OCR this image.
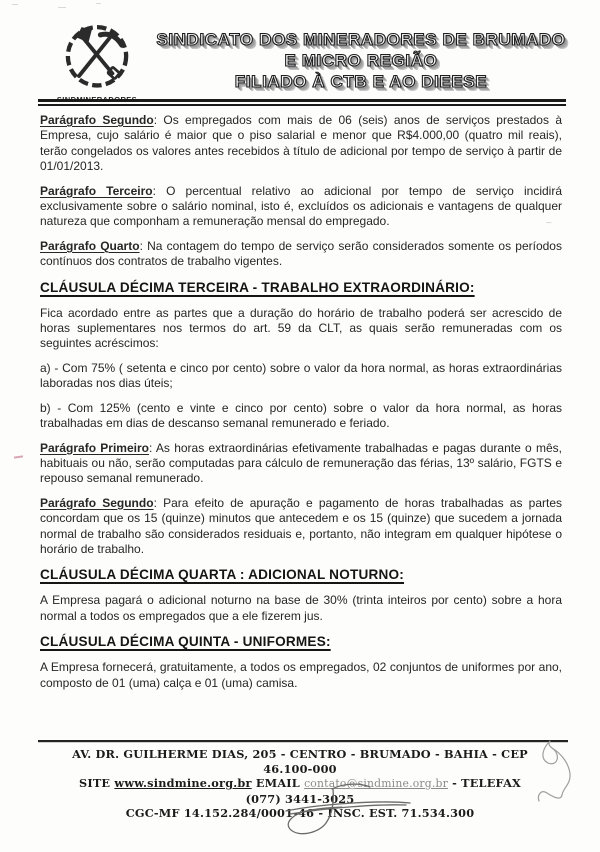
~
SINDICATO DOS MINERADORES DE BRUMADO
E MICRO REGIÃO
FILIADO À CTB E AO DIEESE

Parágrafo Segundo: Os empregados com mais de 06 (seis) anos de serviços prestados à Empresa, cujo salário é maior que o piso salarial e menor que R$4.000,00 (quatro mil reais), terão congelados os valores antes recebidos à título de adicional por tempo de serviço à partir de 01/01/2013.

Parágrafo Terceiro: O percentual relativo ao adicional por tempo de serviço incidirá exclusivamente sobre o salário nominal, isto é, excluídos os adicionais e vantagens de qualquer natureza que componham a remuneração mensal do empregado.

Parágrafo Quarto: Na contagem do tempo de serviço serão considerados somente os períodos contínuos dos contratos de trabalho vigentes.

CLÁUSULA DÉCIMA TERCEIRA - TRABALHO EXTRAORDINÁRIO:

Fica acordado entre as partes que a duração do horário de trabalho poderá ser acrescido de horas suplementares nos termos do art. 59 da CLT, as quais serão remuneradas com os seguintes acréscimos:

a) - Com 75% ( setenta e cinco por cento) sobre o valor da hora normal, as horas extraordinárias laboradas nos dias úteis;

b) - Com 125% (cento e vinte e cinco por cento) sobre o valor da hora normal, as horas trabalhadas em dias de descanso semanal remunerado e feriado.

Parágrafo Primeiro: As horas extraordinárias efetivamente trabalhadas e pagas durante o mês, habituais ou não, serão computadas para cálculo de remuneração das férias, 13º salário, FGTS e repouso semanal remunerado.

Parágrafo Segundo: Para efeito de apuração e pagamento de horas trabalhadas as partes concordam que os 15 (quinze) minutos que antecedem e os 15 (quinze) que sucedem a jornada normal de trabalho são considerados residuais e, portanto, não integram em qualquer hipótese o horário de trabalho.

CLÁUSULA DÉCIMA QUARTA : ADICIONAL NOTURNO:

A Empresa pagará o adicional noturno na base de 30% (trinta inteiros por cento) sobre a hora normal a todos os empregados que a ele fizerem jus.

CLÁUSULA DÉCIMA QUINTA - UNIFORMES:

A Empresa fornecerá, gratuitamente, a todos os empregados, 02 conjuntos de uniformes por ano, composto de 01 (uma) calça e 01 (uma) camisa.

AV. DR. GUILHERME DIAS, 205 - CENTRO - BRUMADO - BAHIA - CEP 46.100-000
SITE www.sindmine.org.br EMAIL contato@sindmine.org.br - TELEFAX (077) 3441-3025
CGC-MF 14.152.284/0001-46 - INSC. EST. 71.534.300
